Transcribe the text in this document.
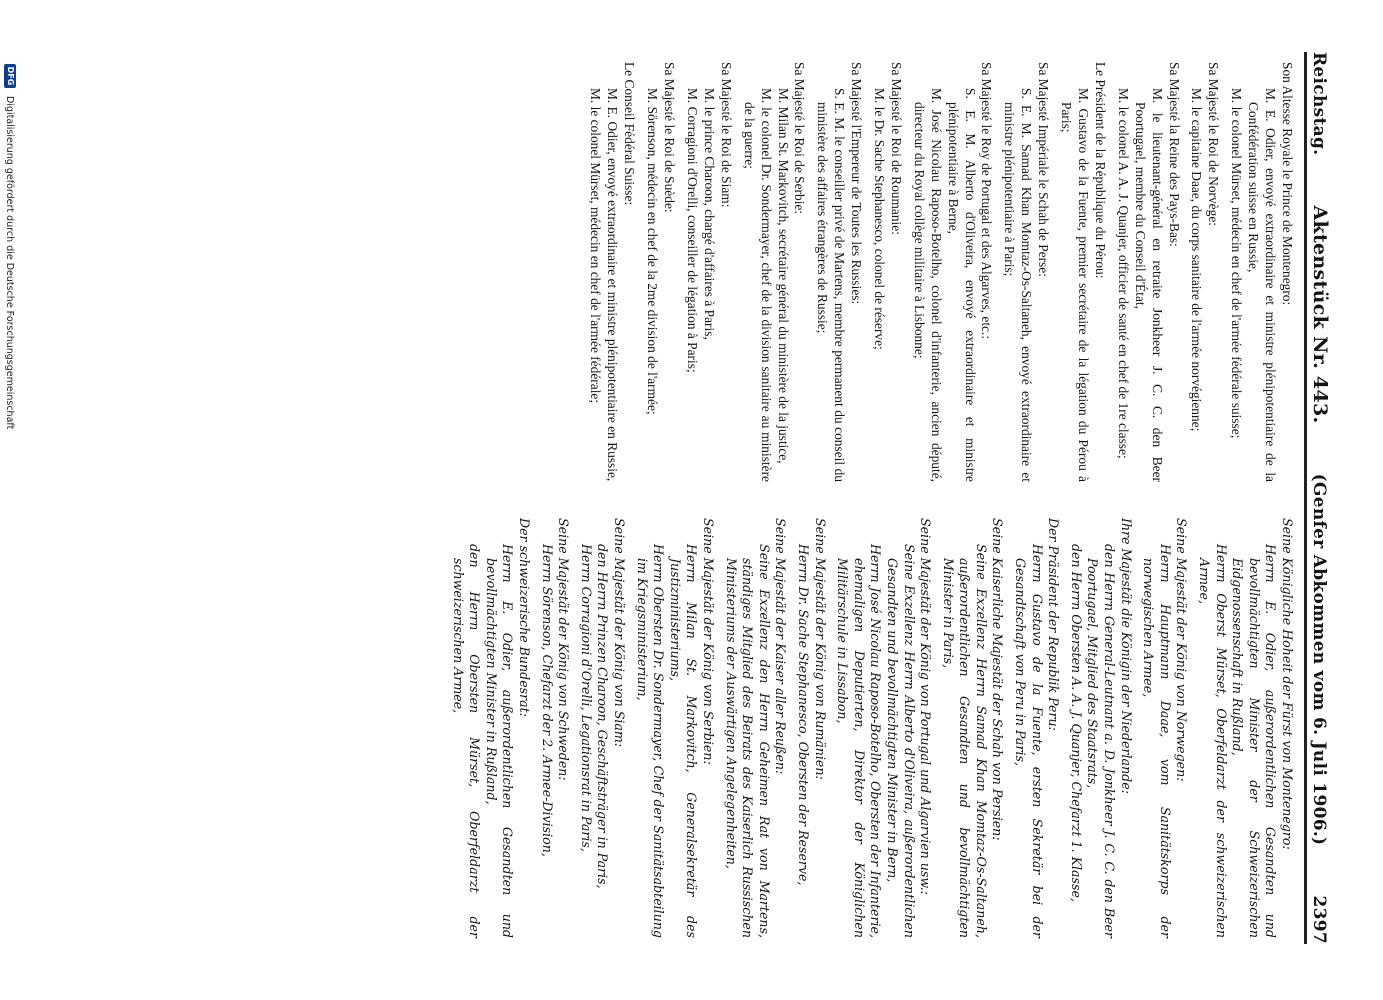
Reichstag.
Aktenstück Nr. 443.
(Genfer Abkommen vom 6. Juli 1906.)
2397

Son Altesse Royale le Prince de Montenegro:

M. E. Odier, envoyé extraordinaire et ministre plénipotentiaire de la Confédération suisse en Russie,

M. le colonel Mürset, médecin en chef de l'armée fédérale suisse;

Sa Majesté le Roi de Norvège:

M. le capitaine Daae, du corps sanitaire de l'armée norvégienne;

Sa Majesté la Reine des Pays-Bas:

M. le lieutenant-général en retraite Jonkheer J. C. C. den Beer Poortugael, membre du Conseil d'État,

M. le colonel A. A. J. Quanjer, officier de santé en chef de 1re classe;

Le Président de la République du Pérou:

M. Gustavo de la Fuente, premier secrétaire de la légation du Pérou à Paris;

Sa Majesté Impériale le Schah de Perse:

S. E. M. Samad Khan Momtaz-Os-Saltaneh, envoyé extraordinaire et ministre plénipotentiaire à Paris;

Sa Majesté le Roy de Portugal et des Algarves, etc.:

S. E. M. Alberto d'Oliveira, envoyé extraordinaire et ministre plénipotentiaire à Berne,

M. José Nicolau Raposo-Botelho, colonel d'infanterie, ancien député, directeur du Royal collège militaire à Lisbonne;

Sa Majesté le Roi de Roumanie:

M. le Dr. Sache Stephanesco, colonel de réserve;

Sa Majesté l'Empereur de Toutes les Russies:

S. E. M. le conseiller privé de Martens, membre permanent du conseil du ministère des affaires étrangères de Russie;

Sa Majesté le Roi de Serbie:

M. Milan St. Markovitch, secrétaire général du ministère de la justice,

M. le colonel Dr. Sondermayer, chef de la division sanitaire au ministère de la guerre;

Sa Majesté le Roi de Siam:

M. le prince Charoon, chargé d'affaires à Paris,

M. Corragioni d'Orelli, conseiller de légation à Paris;

Sa Majesté le Roi de Suède:

M. Sörenson, médecin en chef de la 2me division de l'armée;

Le Conseil Fédéral Suisse:

M. E. Odier, envoyé extraordinaire et ministre plénipotentiaire en Russie,

M. le colonel Mürset, médecin en chef de l'armée fédérale;

Seine Königliche Hoheit der Fürst von Montenegro:

Herrn E. Odier, außerordentlichen Gesandten und bevollmächtigten Minister der Schweizerischen Eidgenossenschaft in Rußland,

Herrn Oberst Mürset, Oberfeldarzt der schweizerischen Armee,

Seine Majestät der König von Norwegen:

Herrn Hauptmann Daae, vom Sanitätskorps der norwegischen Armee,

Ihre Majestät die Königin der Niederlande:

den Herrn General-Leutnant a. D. Jonkheer J. C. C. den Beer Poortugael, Mitglied des Staatsrats,

den Herrn Obersten A. A. J. Quanjer, Chefarzt 1. Klasse,

Der Präsident der Republik Peru:

Herrn Gustavo de la Fuente, ersten Sekretär bei der Gesandtschaft von Peru in Paris,

Seine Kaiserliche Majestät der Schah von Persien:

Seine Exzellenz Herrn Samad Khan Momtaz-Os-Saltaneh, außerordentlichen Gesandten und bevollmächtigten Minister in Paris,

Seine Majestät der König von Portugal und Algarvien usw.:

Seine Exzellenz Herrn Alberto d'Oliveira, außerordentlichen Gesandten und bevollmächtigten Minister in Bern,

Herrn José Nicolau Raposo-Botelho, Obersten der Infanterie, ehemaligen Deputierten, Direktor der Königlichen Militärschule in Lissabon,

Seine Majestät der König von Rumänien:

Herrn Dr. Sache Stephanesco, Obersten der Reserve,

Seine Majestät der Kaiser aller Reußen:

Seine Exzellenz den Herrn Geheimen Rat von Martens, ständiges Mitglied des Beirats des Kaiserlich Russischen Ministeriums der Auswärtigen Angelegenheiten,

Seine Majestät der König von Serbien:

Herrn Milan St. Markovitch, Generalsekretär des Justizministeriums,

Herrn Obersten Dr. Sondermayer, Chef der Sanitätsabteilung im Kriegsministerium,

Seine Majestät der König von Siam:

den Herrn Prinzen Charoon, Geschäftsträger in Paris,

Herrn Corragioni d'Orelli, Legationsrat in Paris,

Seine Majestät der König von Schweden:

Herrn Sörenson, Chefarzt der 2. Armee-Division,

Der schweizerische Bundesrat:

Herrn E. Odier, außerordentlichen Gesandten und bevollmächtigten Minister in Rußland,

den Herrn Obersten Mürset, Oberfeldarzt der schweizerischen Armee,

DFG
Digitalisierung gefördert durch die Deutsche Forschungsgemeinschaft
